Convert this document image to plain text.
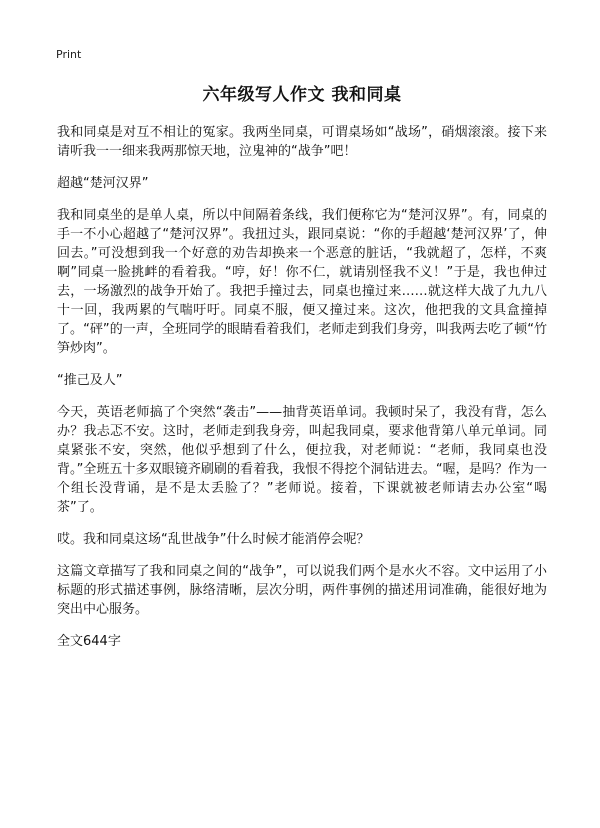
Print
六年级写人作文 我和同桌

我和同桌是对互不相让的冤家。我两坐同桌，可谓桌场如“战场”，硝烟滚滚。接下来请听我一一细来我两那惊天地，泣鬼神的“战争”吧！

超越“楚河汉界”

我和同桌坐的是单人桌，所以中间隔着条线，我们便称它为“楚河汉界”。有，同桌的手一不小心超越了“楚河汉界”。我扭过头，跟同桌说：“你的手超越‘楚河汉界’了，伸回去。”可没想到我一个好意的劝告却换来一个恶意的脏话，“我就超了，怎样，不爽啊”同桌一脸挑衅的看着我。“哼，好！你不仁，就请别怪我不义！”于是，我也伸过去，一场激烈的战争开始了。我把手撞过去，同桌也撞过来……就这样大战了九九八十一回，我两累的气喘吁吁。同桌不服，便又撞过来。这次，他把我的文具盒撞掉了。“砰”的一声，全班同学的眼睛看着我们，老师走到我们身旁，叫我两去吃了顿“竹笋炒肉”。

“推己及人”

今天，英语老师搞了个突然“袭击”——抽背英语单词。我顿时呆了，我没有背，怎么办？我忐忑不安。这时，老师走到我身旁，叫起我同桌，要求他背第八单元单词。同桌紧张不安，突然，他似乎想到了什么，便拉我，对老师说：“老师，我同桌也没背。”全班五十多双眼镜齐刷刷的看着我，我恨不得挖个洞钻进去。“喔，是吗？作为一个组长没背诵，是不是太丢脸了？”老师说。接着，下课就被老师请去办公室“喝茶”了。

哎。我和同桌这场“乱世战争”什么时候才能消停会呢？

这篇文章描写了我和同桌之间的“战争”，可以说我们两个是水火不容。文中运用了小标题的形式描述事例，脉络清晰，层次分明，两件事例的描述用词准确，能很好地为突出中心服务。

全文644字
